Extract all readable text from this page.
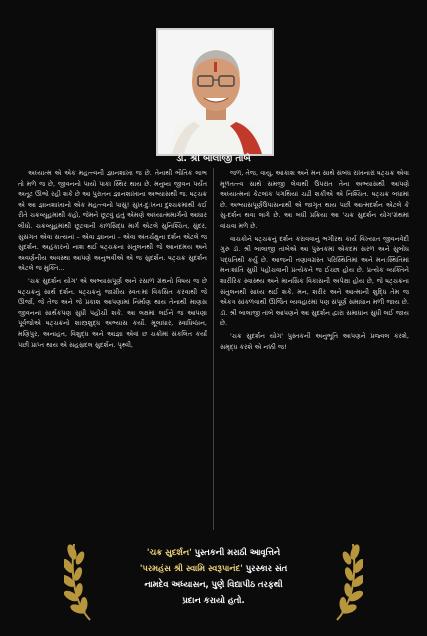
ડૉ. શ્રી બાલાજી તાંબે

અધ્યાત્મ એ એક મહત્ત્વની જ્ઞાનશાખા જ છે. તેનાથી ભૌતિક લાભ તો મળે જ છે, જીવનનો પાયો પાકા સ્થિર થાય છે. મનુષ્ય જીવન પર્યંત અતૂટ ઊભો રહી શકે છે આ પુરાતન જ્ઞાનશાખાના અભ્યાસથી જ. ષટ્ચક્ર એ આ જ્ઞાનશાખાનો એક મહત્ત્વનો પાસું! સુખ-દુઃખના દુશ્ચક્રમાંથી કઈ રીતે ચક્રવ્યૂહમાંથી કહો, જેમને છૂટવું હતું એમણે અધ્યાત્મમાર્ગનો આધાર લીધો. ચક્રવ્યૂહમાંથી છૂટવાની કાળસિદ્ધ માર્ગ એટલે સુનિશ્ચિત, સુંદર, સુસંગત એવા સત્યનાં – એવા જ્ઞાનનાં – એવા અંતર્ચક્ષુના દર્શન એટલે જ સુદર્શન. અહંકારનો નાશ થઈ ષટ્ચક્રના સંતુલનથી જે આનંદમય અને અવર્ણનીય અવસ્થા આપણે અનુભવીએ એ જ સુદર્શન. ષટ્ચક્ર સુદર્શન એટલે જ મુક્તિ…

'ચક્ર સુદર્શન યોગ' એ અભ્યાસપૂર્ણ અને રસાળ ગ્રંથનો વિષય જ છે ષટ્ચક્રનું સાર્થ દર્શન. ષટ્ચક્રનું જાગ્રીય સ્વતઃમાં વિકસિત કરવાથી જે ઊર્જા, જે તેજ અને જે પ્રકાશ આપણામાં નિર્માણ થાય તેનાથી માણસ જીવનનાં સાર્થકપણ સુધી પહોંચી શકે. આ લક્ષમાં લઈને જ આપણા પૂર્વજોએ ષટ્ચક્રનો શાસ્ત્રશુદ્ધ અભ્યાસ કર્યો. મૂલાધાર, સ્વાધિષ્ઠાન, મણિપુર, અનાહત, વિશુદ્ધ અને આજ્ઞા એવાં છ ચક્રોમાં સંકલિત કર્યાં પછી પ્રાપ્ત થાય એ સહસ્રદલ સુદર્શન. પૃથ્વી,

જળ, તેજ, વાયુ, આકાશ અને મન સાથે સંબંધ રાખનારાં ષટ્ચક્ર એવા મૂળતત્ત્વ સાથે સમજી લેવાથી ઉપરાંત તેના અભ્યાસથી આપણે અધ્યાત્મનાં કેટલાંક પગથિયાં ચઢી શકીએ એ નિશ્ચિત. ષટ્ચક્ર બધામાં છે. અભ્યાસપૂર્ણઉપાસનાથી એ જાગૃત થાય પછી આત્મદર્શન એટલે કે સુ-દર્શન થવા લાગે છે. આ બધી પ્રક્રિયા આ 'ચક્ર સુદર્શન યોગ'ગ્રંથમાં વાંચવા મળે છે.

વાચકોને ષટ્ચક્રનું દર્શન કરાવવાનું ભગીરથ કાર્ય વિખ્યાત જીવનવેદી ગુરુ ડૉ. શ્રી બાલાજી તાંબેએ આ પુસ્તકમાં એકદમ સરળ અને સુબોધ પદ્ધતિથી કર્યું છે. આજની તણાવગ્રસ્ત પરિસ્થિતિમાં અને મનઃસ્થિતિમાં મનઃશાંતિ સુધી પહોંચવાની પ્રત્યેકને જ ઈચ્છા હોય છે. પ્રત્યેક વ્યક્તિને શારીરિક સ્વાસ્થ્ય અને માનસિક વિકાસની અપેક્ષા હોય છે, જે ષટ્ચક્રના સંતુલનથી સાધ્ય થઈ શકે. મન, શરીર અને આત્માની શુદ્ધિ તેમ જ એકત્ર સાંકળવાથી ઊર્જિત વ્યવહારમાં પણ સંપૂર્ણ સમાધાન મળી જાય છે. ડૉ. શ્રી બાલાજી તાંબે આપણને આ સુદર્શન દ્વારા સમાધાન સુધી લઈ જાય છે.

'ચક્ર સુદર્શન યોગ' પુસ્તકની અનુભૂતિ આપણને પ્રજ્વલ કરશે, સમૃદ્ધ કરશે એ નક્કી જ!

'ચક્ર સુદર્શન' પુસ્તકની મરાઠી આવૃત્તિને
'પરમહંસ શ્રી સ્વામિ સ્વરૂપાનંદ' પુરસ્કાર સંત
નામદેવ અધ્યાસન, પુણે વિદ્યાપીઠ તરફથી
પ્રદાન કરાયો હતો.
